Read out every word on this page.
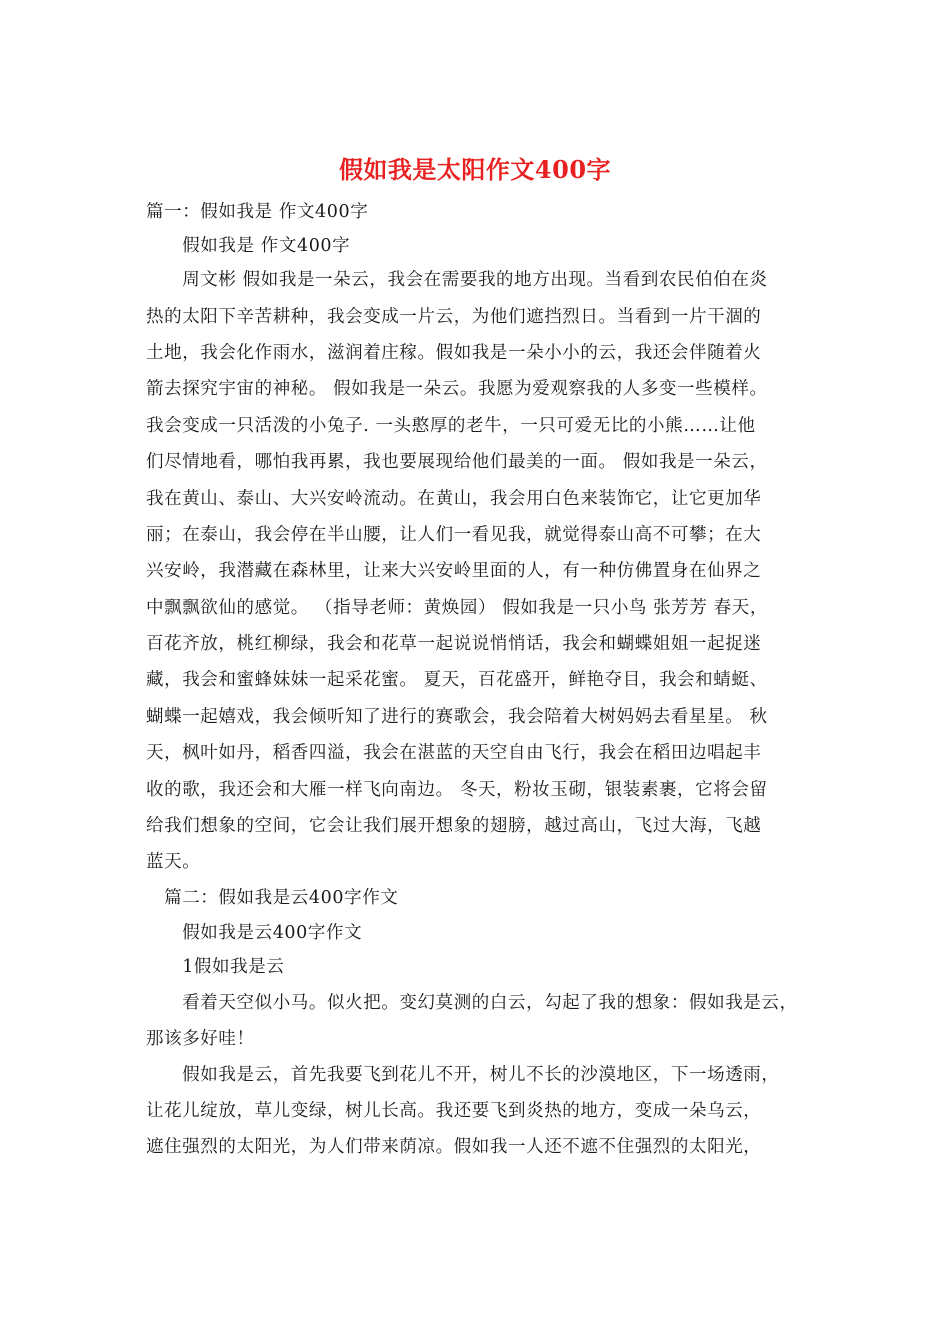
假如我是太阳作文400字
篇一：假如我是 作文400字
　　假如我是 作文400字
　　周文彬 假如我是一朵云，我会在需要我的地方出现。当看到农民伯伯在炎
热的太阳下辛苦耕种，我会变成一片云，为他们遮挡烈日。当看到一片干涸的
土地，我会化作雨水，滋润着庄稼。假如我是一朵小小的云，我还会伴随着火
箭去探究宇宙的神秘。 假如我是一朵云。我愿为爱观察我的人多变一些模样。
我会变成一只活泼的小兔子. 一头憨厚的老牛，一只可爱无比的小熊……让他
们尽情地看，哪怕我再累，我也要展现给他们最美的一面。 假如我是一朵云，
我在黄山、泰山、大兴安岭流动。在黄山，我会用白色来装饰它，让它更加华
丽；在泰山，我会停在半山腰，让人们一看见我，就觉得泰山高不可攀；在大
兴安岭，我潜藏在森林里，让来大兴安岭里面的人，有一种仿佛置身在仙界之
中飘飘欲仙的感觉。 （指导老师：黄焕园） 假如我是一只小鸟 张芳芳 春天，
百花齐放，桃红柳绿，我会和花草一起说说悄悄话，我会和蝴蝶姐姐一起捉迷
藏，我会和蜜蜂妹妹一起采花蜜。 夏天，百花盛开，鲜艳夺目，我会和蜻蜓、
蝴蝶一起嬉戏，我会倾听知了进行的赛歌会，我会陪着大树妈妈去看星星。 秋
天，枫叶如丹，稻香四溢，我会在湛蓝的天空自由飞行，我会在稻田边唱起丰
收的歌，我还会和大雁一样飞向南边。 冬天，粉妆玉砌，银装素裹，它将会留
给我们想象的空间，它会让我们展开想象的翅膀，越过高山，飞过大海，飞越
蓝天。
　篇二：假如我是云400字作文
　　假如我是云400字作文
　　1假如我是云
　　看着天空似小马。似火把。变幻莫测的白云，勾起了我的想象：假如我是云，
那该多好哇！
　　假如我是云，首先我要飞到花儿不开，树儿不长的沙漠地区，下一场透雨，
让花儿绽放，草儿变绿，树儿长高。我还要飞到炎热的地方，变成一朵乌云，
遮住强烈的太阳光，为人们带来荫凉。假如我一人还不遮不住强烈的太阳光，
